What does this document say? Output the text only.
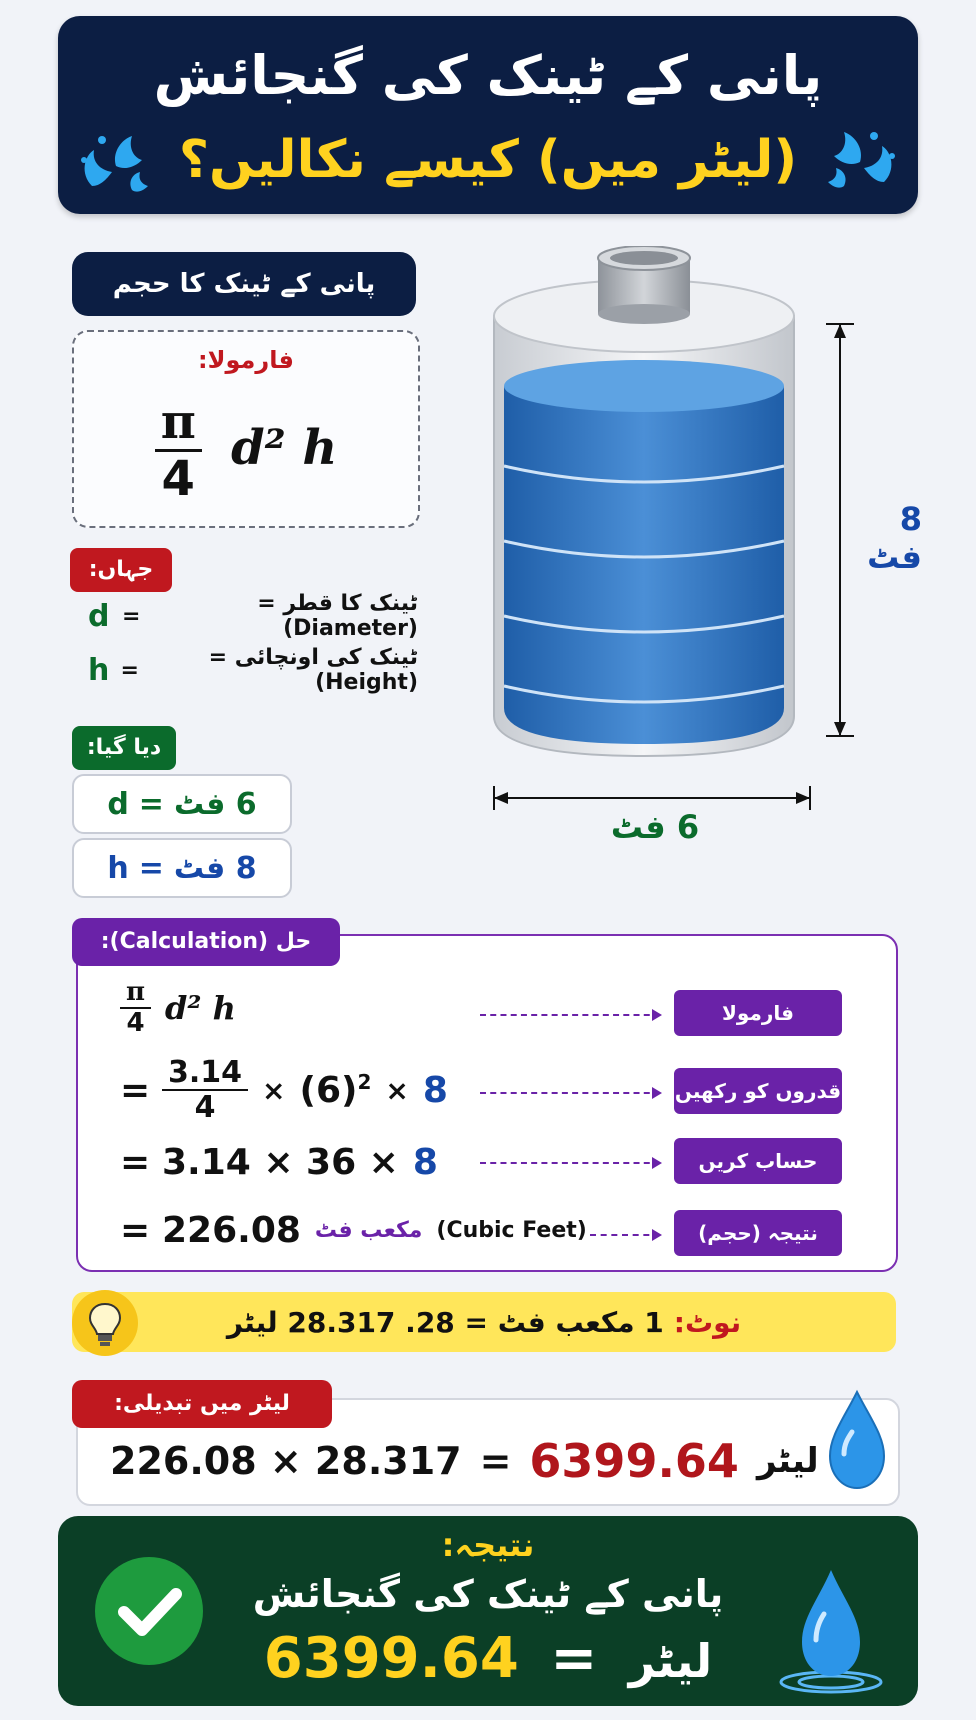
پانی کے ٹینک کی گنجائش
(لیٹر میں) کیسے نکالیں؟
پانی کے ٹینک کا حجم
فارمولا:
$\frac{\pi}{4} d^2$ h
جہاں:
d =	ٹینک کا قطر = (Diameter)
h =	ٹینک کی اونچائی = (Height)
دیا گیا:
d = 6 فٹ
h = 8 فٹ
8 فٹ
6 فٹ
حل (Calculation):
$\frac{\pi}{4} d^2$ h	فارمولا
= $\frac{3.14}{4} \times (6)^2 \times 8$	قدروں کو رکھیں
= 3.14 × 36 × 8	حساب کریں
= 226.08 مکعب فٹ (Cubic Feet)	نتیجہ (حجم)
1 مکعب فٹ = 28. 28.317 لیٹر نوٹ:
لیٹر میں تبدیلی:
226.08 × 28.317 = 6399.64 لیٹر
نتیجہ:
پانی کے ٹینک کی گنجائش
6399.64 = لیٹر
